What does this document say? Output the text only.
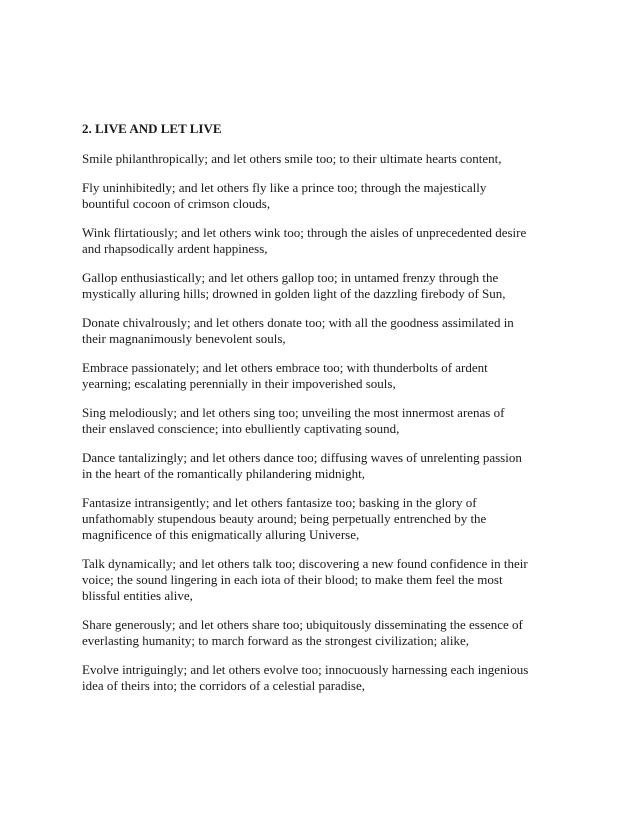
2. LIVE AND LET LIVE

Smile philanthropically; and let others smile too; to their ultimate hearts content,

Fly uninhibitedly; and let others fly like a prince too; through the majestically
bountiful cocoon of crimson clouds,

Wink flirtatiously; and let others wink too; through the aisles of unprecedented desire
and rhapsodically ardent happiness,

Gallop enthusiastically; and let others gallop too; in untamed frenzy through the
mystically alluring hills; drowned in golden light of the dazzling firebody of Sun,

Donate chivalrously; and let others donate too; with all the goodness assimilated in
their magnanimously benevolent souls,

Embrace passionately; and let others embrace too; with thunderbolts of ardent
yearning; escalating perennially in their impoverished souls,

Sing melodiously; and let others sing too; unveiling the most innermost arenas of
their enslaved conscience; into ebulliently captivating sound,

Dance tantalizingly; and let others dance too; diffusing waves of unrelenting passion
in the heart of the romantically philandering midnight,

Fantasize intransigently; and let others fantasize too; basking in the glory of
unfathomably stupendous beauty around; being perpetually entrenched by the
magnificence of this enigmatically alluring Universe,

Talk dynamically; and let others talk too; discovering a new found confidence in their
voice; the sound lingering in each iota of their blood; to make them feel the most
blissful entities alive,

Share generously; and let others share too; ubiquitously disseminating the essence of
everlasting humanity; to march forward as the strongest civilization; alike,

Evolve intriguingly; and let others evolve too; innocuously harnessing each ingenious
idea of theirs into; the corridors of a celestial paradise,
